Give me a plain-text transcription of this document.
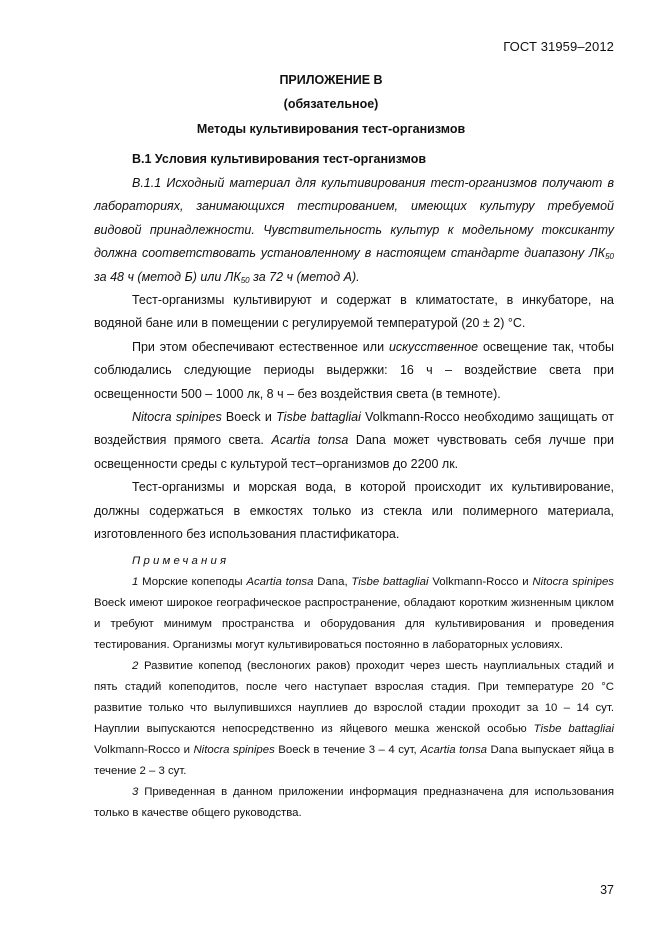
ГОСТ 31959–2012
ПРИЛОЖЕНИЕ В
(обязательное)
Методы культивирования тест-организмов
В.1 Условия культивирования тест-организмов

В.1.1 Исходный материал для культивирования тест-организмов получают в лабораториях, занимающихся тестированием, имеющих культуру требуемой видовой принадлежности. Чувствительность культур к модельному токсиканту должна соответствовать установленному в настоящем стандарте диапазону $ЛК_{50}$ за 48 ч (метод Б) или $ЛК_{50}$ за 72 ч (метод А).

Тест-организмы культивируют и содержат в климатостате, в инкубаторе, на водяной бане или в помещении с регулируемой температурой (20 ± 2) °С.

При этом обеспечивают естественное или искусственное освещение так, чтобы соблюдались следующие периоды выдержки: 16 ч – воздействие света при освещенности 500 – 1000 лк, 8 ч – без воздействия света (в темноте).

Nitocra spinipes Boeck и Tisbe battagliai Volkmann-Rocco необходимо защищать от воздействия прямого света. Acartia tonsa Dana может чувствовать себя лучше при освещенности среды с культурой тест–организмов до 2200 лк.

Тест-организмы и морская вода, в которой происходит их культивирование, должны содержаться в емкостях только из стекла или полимерного материала, изготовленного без использования пластификатора.

Примечания

1 Морские копеподы Acartia tonsa Dana, Tisbe battagliai Volkmann-Rocco и Nitocra spinipes Boeck имеют широкое географическое распространение, обладают коротким жизненным циклом и требуют минимум пространства и оборудования для культивирования и проведения тестирования. Организмы могут культивироваться постоянно в лабораторных условиях.

2 Развитие копепод (веслоногих раков) проходит через шесть науплиальных стадий и пять стадий копеподитов, после чего наступает взрослая стадия. При температуре 20 °С развитие только что вылупившихся науплиев до взрослой стадии проходит за 10 – 14 сут. Науплии выпускаются непосредственно из яйцевого мешка женской особью Tisbe battagliai Volkmann-Rocco и Nitocra spinipes Boeck в течение 3 – 4 сут, Acartia tonsa Dana выпускает яйца в течение 2 – 3 сут.

3 Приведенная в данном приложении информация предназначена для использования только в качестве общего руководства.

37
